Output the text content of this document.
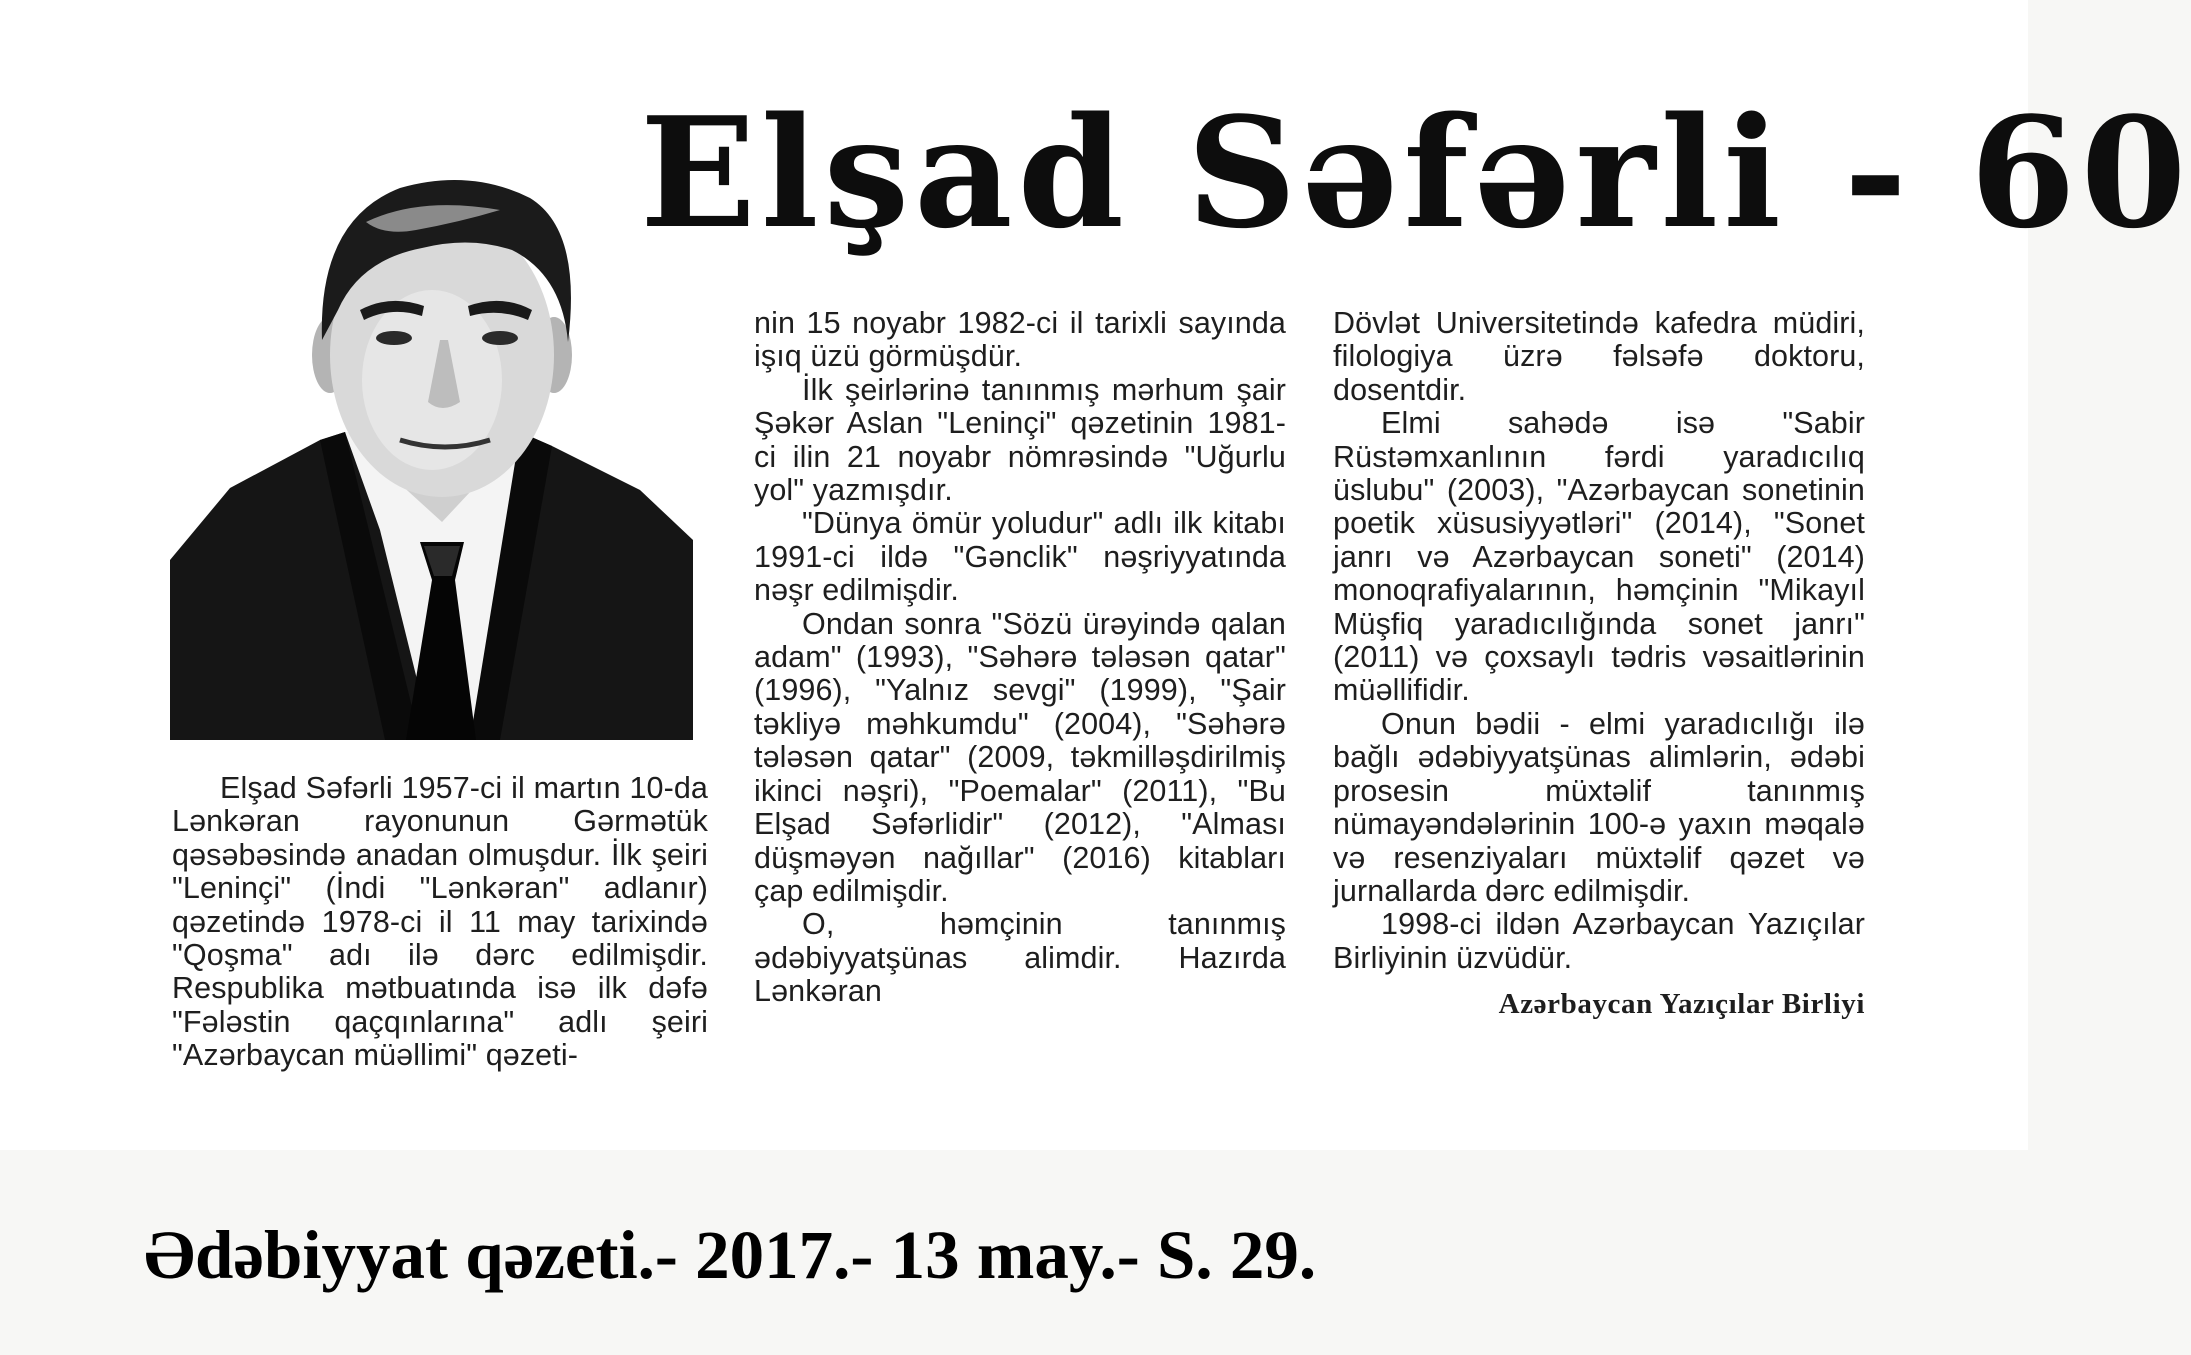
Elşad Səfərli - 60

Elşad Səfərli 1957-ci il martın 10-da Lənkəran rayonunun Gərmətük qəsəbəsində anadan olmuşdur. İlk şeiri "Leninçi" (İndi "Lənkəran" adlanır) qəzetində 1978-ci il 11 may tarixində "Qoşma" adı ilə dərc edilmişdir. Respublika mətbuatında isə ilk dəfə "Fələstin qaçqınlarına" adlı şeiri "Azərbaycan müəllimi" qəzeti-

nin 15 noyabr 1982-ci il tarixli sayında işıq üzü görmüşdür.

İlk şeirlərinə tanınmış mərhum şair Şəkər Aslan "Leninçi" qəzetinin 1981-ci ilin 21 noyabr nömrəsində "Uğurlu yol" yazmışdır.

"Dünya ömür yoludur" adlı ilk kitabı 1991-ci ildə "Gənclik" nəşriyyatında nəşr edilmişdir.

Ondan sonra "Sözü ürəyində qalan adam" (1993), "Səhərə tələsən qatar" (1996), "Yalnız sevgi" (1999), "Şair təkliyə məhkumdu" (2004), "Səhərə tələsən qatar" (2009, təkmilləşdirilmiş ikinci nəşri), "Poemalar" (2011), "Bu Elşad Səfərlidir" (2012), "Alması düşməyən nağıllar" (2016) kitabları çap edilmişdir.

O, həmçinin tanınmış ədəbiyyatşünas alimdir. Hazırda Lənkəran

Dövlət Universitetində kafedra müdiri, filologiya üzrə fəlsəfə doktoru, dosentdir.

Elmi sahədə isə "Sabir Rüstəmxanlının fərdi yaradıcılıq üslubu" (2003), "Azərbaycan sonetinin poetik xüsusiyyətləri" (2014), "Sonet janrı və Azərbaycan soneti" (2014) monoqrafiyalarının, həmçinin "Mikayıl Müşfiq yaradıcılığında sonet janrı" (2011) və çoxsaylı tədris vəsaitlərinin müəllifidir.

Onun bədii - elmi yaradıcılığı ilə bağlı ədəbiyyatşünas alimlərin, ədəbi prosesin müxtəlif tanınmış nümayəndələrinin 100-ə yaxın məqalə və resenziyaları müxtəlif qəzet və jurnallarda dərc edilmişdir.

1998-ci ildən Azərbaycan Yazıçılar Birliyinin üzvüdür.

Azərbaycan Yazıçılar Birliyi
Ədəbiyyat qəzeti.- 2017.- 13 may.- S. 29.
